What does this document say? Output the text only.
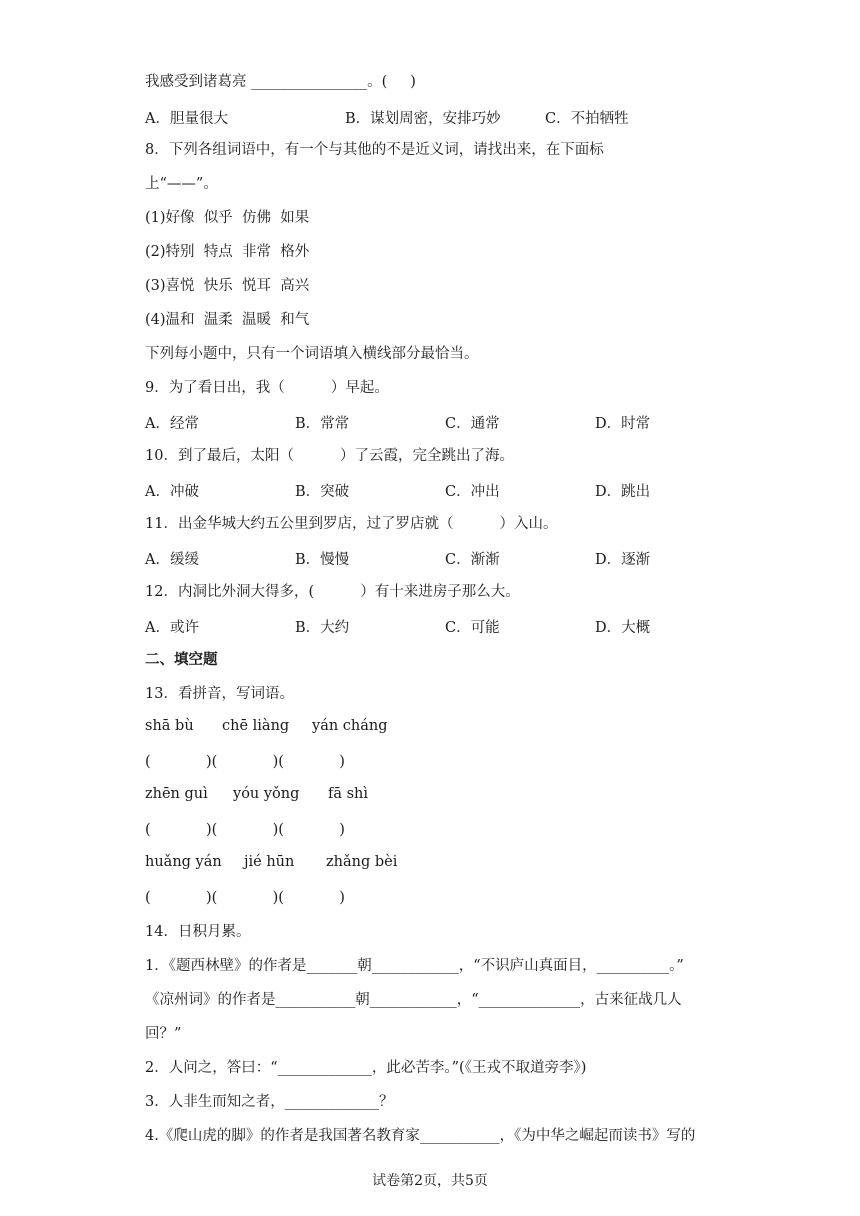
我感受到诸葛亮 ________________。(     )
A．胆量很大	B．谋划周密，安排巧妙	C．不拍牺牲
8．下列各组词语中，有一个与其他的不是近义词，请找出来，在下面标
上“——”。
(1)好像  似乎  仿佛  如果
(2)特别  特点  非常  格外
(3)喜悦  快乐  悦耳  高兴
(4)温和  温柔  温暖  和气
下列每小题中，只有一个词语填入横线部分最恰当。
9．为了看日出，我（          ）早起。
A．经常	B．常常	C．通常	D．时常
10．到了最后，太阳（          ）了云霞，完全跳出了海。
A．冲破	B．突破	C．冲出	D．跳出
11．出金华城大约五公里到罗店，过了罗店就（          ）入山。
A．缓缓	B．慢慢	C．渐渐	D．逐渐
12．内洞比外洞大得多，(          ）有十来进房子那么大。
A．或许	B．大约	C．可能	D．大概
二、填空题
13．看拼音，写词语。
shā bù chē liàng yán cháng
(            )(            )(            )
zhēn guì yóu yǒng fā shì
(            )(            )(            )
huǎng yán jié hūn zhǎng bèi
(            )(            )(            )
14．日积月累。
1．《题西林壁》的作者是_______朝____________，“不识庐山真面目，__________。”
《凉州词》的作者是___________朝____________，“______________，古来征战几人
回？”
2．人问之，答曰：“_____________，此必苦李。”(《王戎不取道旁李》)
3．人非生而知之者，_____________？
4.《爬山虎的脚》的作者是我国著名教育家___________，《为中华之崛起而读书》写的
试卷第2页，共5页
